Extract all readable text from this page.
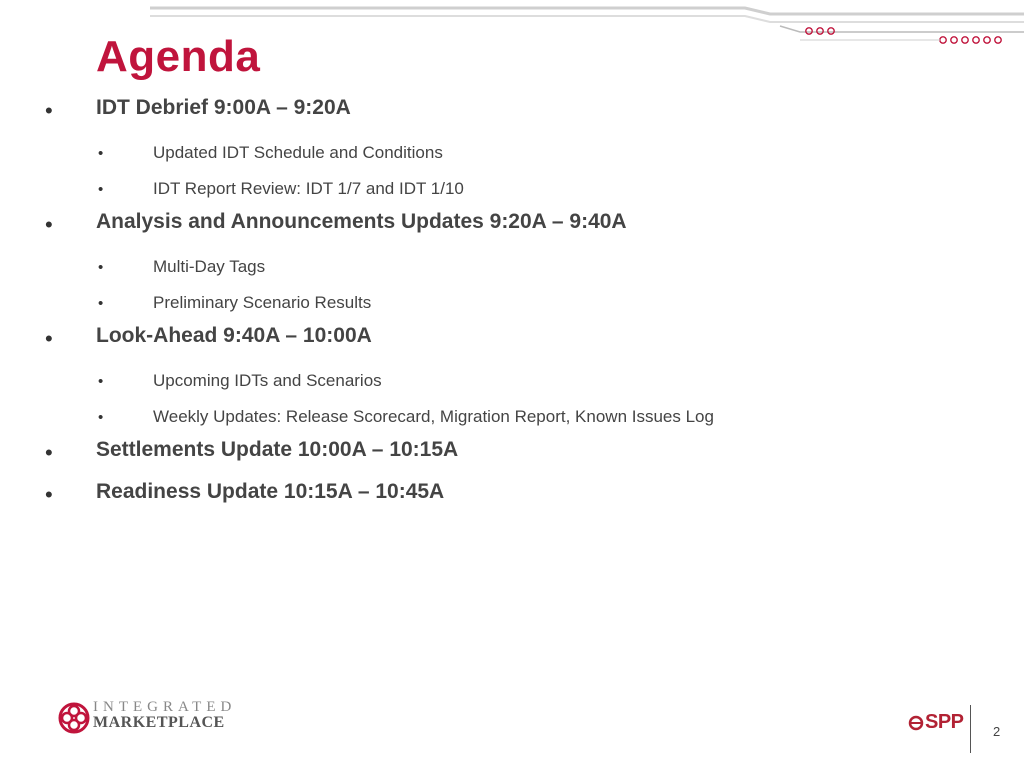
Agenda
• IDT Debrief 9:00A – 9:20A
•	Updated IDT Schedule and Conditions
•	IDT Report Review: IDT 1/7 and IDT 1/10
• Analysis and Announcements Updates 9:20A – 9:40A
•	Multi-Day Tags
•	Preliminary Scenario Results
• Look-Ahead 9:40A – 10:00A
•	Upcoming IDTs and Scenarios
•	Weekly Updates: Release Scorecard, Migration Report, Known Issues Log
• Settlements Update 10:00A – 10:15A
• Readiness Update 10:15A – 10:45A
INTEGRATED
MARKETPLACE	SPP 2
